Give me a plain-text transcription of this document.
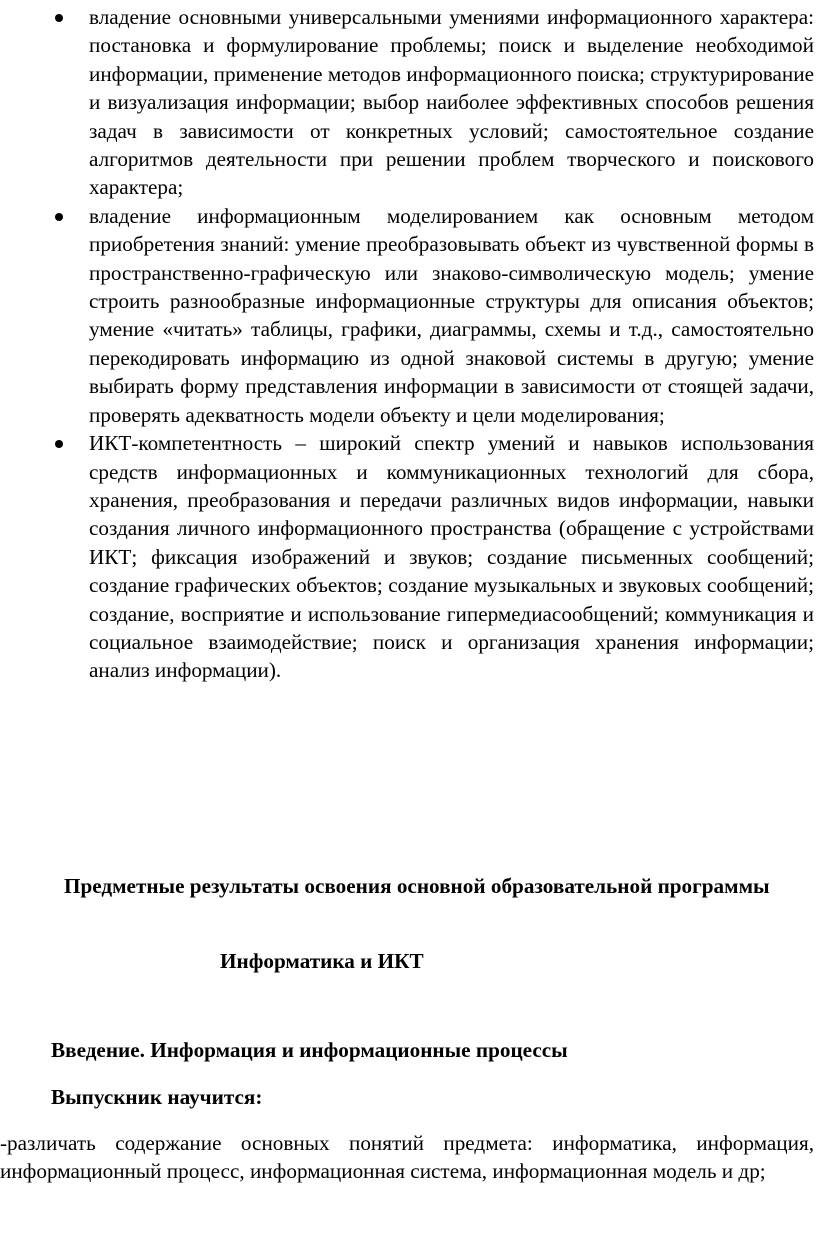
владение основными универсальными умениями информационного характера: постановка и формулирование проблемы; поиск и выделение необходимой информации, применение методов информационного поиска; структурирование и визуализация информации; выбор наиболее эффективных способов решения задач в зависимости от конкретных условий; самостоятельное создание алгоритмов деятельности при решении проблем творческого и поискового характера;
владение информационным моделированием как основным методом приобретения знаний: умение преобразовывать объект из чувственной формы в пространственно-графическую или знаково-символическую модель; умение строить разнообразные информационные структуры для описания объектов; умение «читать» таблицы, графики, диаграммы, схемы и т.д., самостоятельно перекодировать информацию из одной знаковой системы в другую; умение выбирать форму представления информации в зависимости от стоящей задачи, проверять адекватность модели объекту и цели моделирования;
ИКТ-компетентность – широкий спектр умений и навыков использования средств информационных и коммуникационных технологий для сбора, хранения, преобразования и передачи различных видов информации, навыки создания личного информационного пространства (обращение с устройствами ИКТ; фиксация изображений и звуков; создание письменных сообщений; создание графических объектов; создание музыкальных и звуковых сообщений; создание, восприятие и использование гипермедиасообщений; коммуникация и социальное взаимодействие; поиск и организация хранения информации; анализ информации).
Предметные результаты освоения основной образовательной программы
Информатика и ИКТ
Введение. Информация и информационные процессы
Выпускник научится:
-различать содержание основных понятий предмета: информатика, информация, информационный процесс, информационная система, информационная модель и др;
